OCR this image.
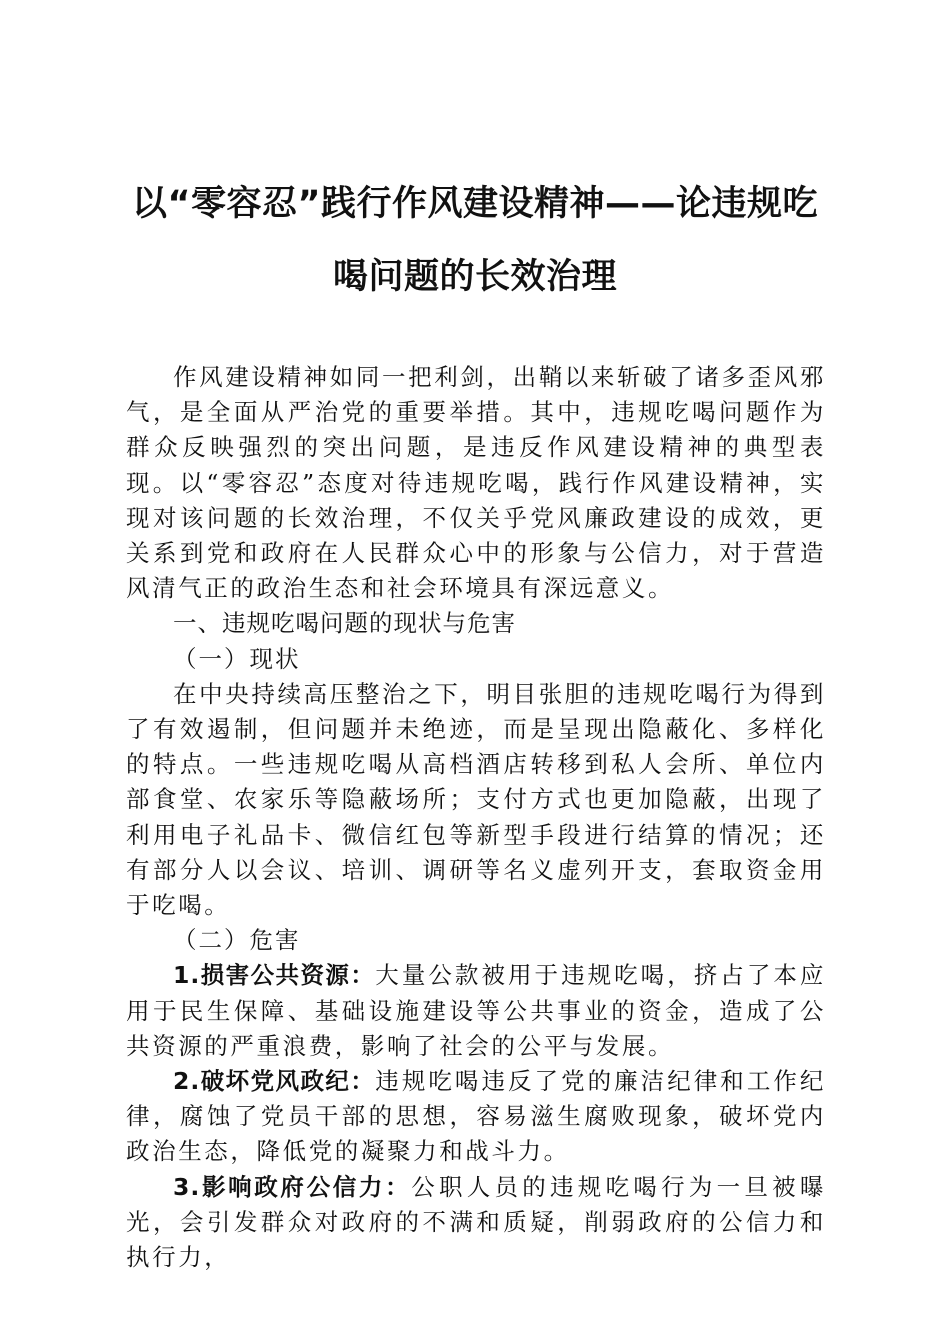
以“零容忍”践行作风建设精神——论违规吃
喝问题的长效治理

作风建设精神如同一把利剑，出鞘以来斩破了诸多歪风邪气，是全面从严治党的重要举措。其中，违规吃喝问题作为群众反映强烈的突出问题，是违反作风建设精神的典型表现。以“零容忍”态度对待违规吃喝，践行作风建设精神，实现对该问题的长效治理，不仅关乎党风廉政建设的成效，更关系到党和政府在人民群众心中的形象与公信力，对于营造风清气正的政治生态和社会环境具有深远意义。

一、违规吃喝问题的现状与危害

（一）现状

在中央持续高压整治之下，明目张胆的违规吃喝行为得到了有效遏制，但问题并未绝迹，而是呈现出隐蔽化、多样化的特点。一些违规吃喝从高档酒店转移到私人会所、单位内部食堂、农家乐等隐蔽场所；支付方式也更加隐蔽，出现了利用电子礼品卡、微信红包等新型手段进行结算的情况；还有部分人以会议、培训、调研等名义虚列开支，套取资金用于吃喝。

（二）危害

1.损害公共资源：大量公款被用于违规吃喝，挤占了本应用于民生保障、基础设施建设等公共事业的资金，造成了公共资源的严重浪费，影响了社会的公平与发展。

2.破坏党风政纪：违规吃喝违反了党的廉洁纪律和工作纪律，腐蚀了党员干部的思想，容易滋生腐败现象，破坏党内政治生态，降低党的凝聚力和战斗力。

3.影响政府公信力：公职人员的违规吃喝行为一旦被曝光，会引发群众对政府的不满和质疑，削弱政府的公信力和执行力，
